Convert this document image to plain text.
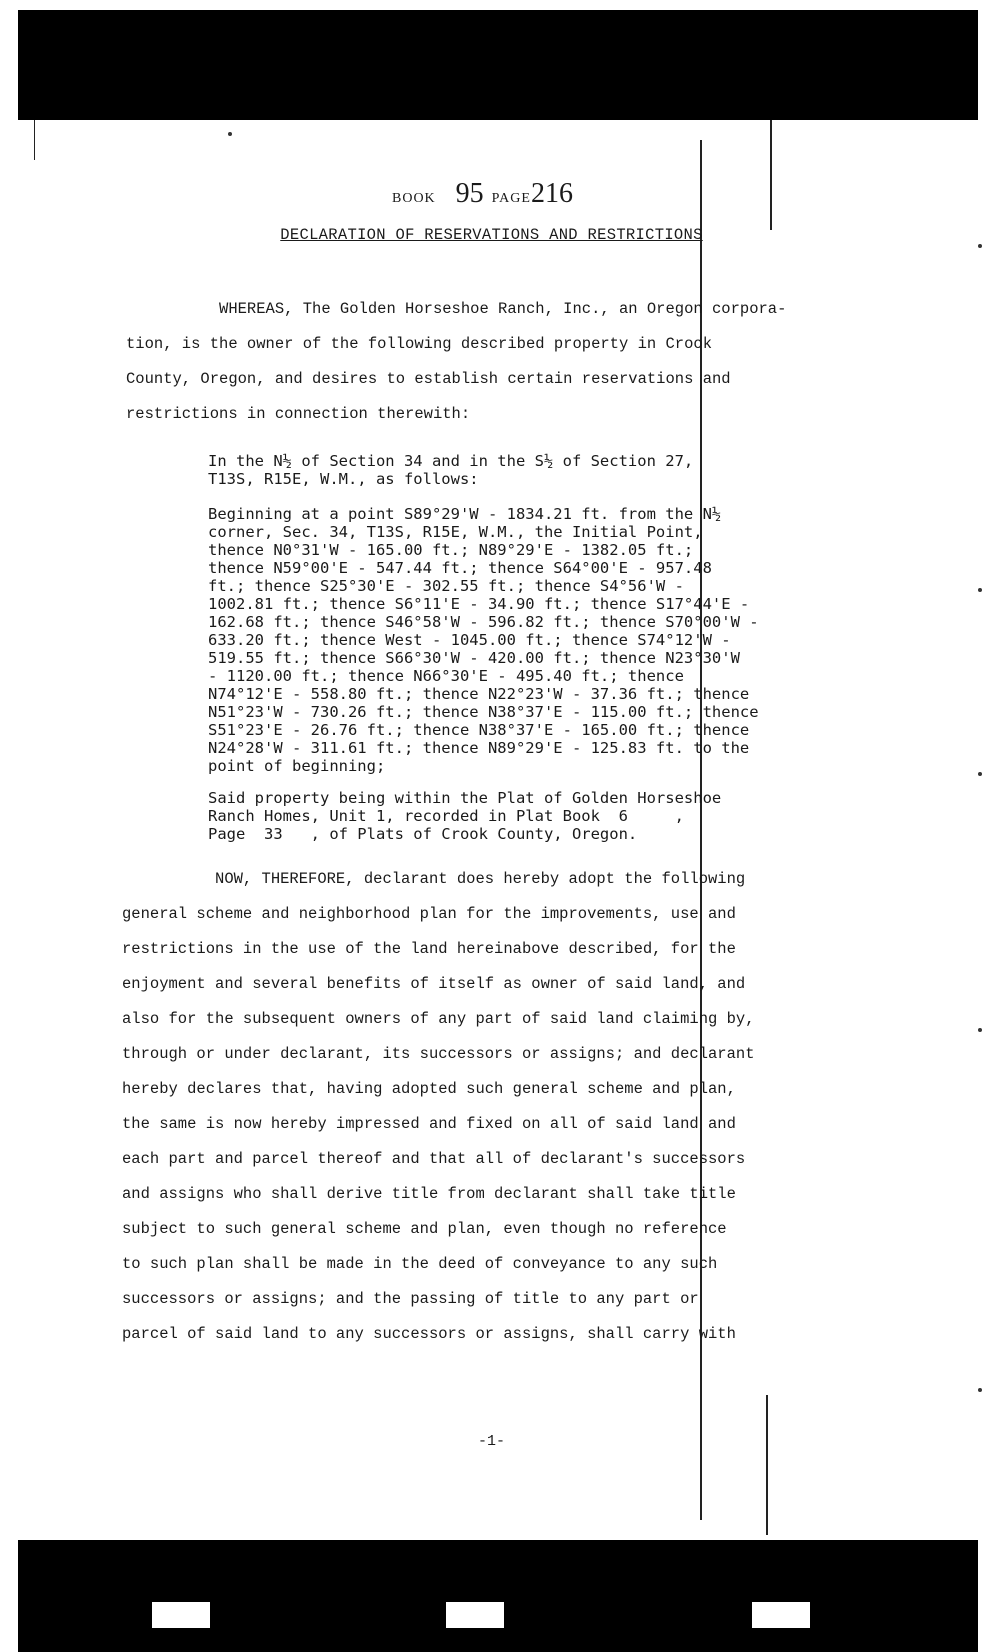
BOOK 95 PAGE216
DECLARATION OF RESERVATIONS AND RESTRICTIONS

WHEREAS, The Golden Horseshoe Ranch, Inc., an Oregon corpora-
tion, is the owner of the following described property in Crook
County, Oregon, and desires to establish certain reservations and
restrictions in connection therewith:

In the N½ of Section 34 and in the S½ of Section 27,
T13S, R15E, W.M., as follows:
Beginning at a point S89°29'W - 1834.21 ft. from the N½
corner, Sec. 34, T13S, R15E, W.M., the Initial Point,
thence N0°31'W - 165.00 ft.; N89°29'E - 1382.05 ft.;
thence N59°00'E - 547.44 ft.; thence S64°00'E - 957.48
ft.; thence S25°30'E - 302.55 ft.; thence S4°56'W -
1002.81 ft.; thence S6°11'E - 34.90 ft.; thence S17°44'E -
162.68 ft.; thence S46°58'W - 596.82 ft.; thence S70°00'W -
633.20 ft.; thence West - 1045.00 ft.; thence S74°12'W -
519.55 ft.; thence S66°30'W - 420.00 ft.; thence N23°30'W
- 1120.00 ft.; thence N66°30'E - 495.40 ft.; thence
N74°12'E - 558.80 ft.; thence N22°23'W - 37.36 ft.; thence
N51°23'W - 730.26 ft.; thence N38°37'E - 115.00 ft.; thence
S51°23'E - 26.76 ft.; thence N38°37'E - 165.00 ft.; thence
N24°28'W - 311.61 ft.; thence N89°29'E - 125.83 ft. to the
point of beginning;
Said property being within the Plat of Golden Horseshoe
Ranch Homes, Unit 1, recorded in Plat Book  6     ,
Page  33   , of Plats of Crook County, Oregon.

NOW, THEREFORE, declarant does hereby adopt the following
general scheme and neighborhood plan for the improvements, use and
restrictions in the use of the land hereinabove described, for the
enjoyment and several benefits of itself as owner of said land, and
also for the subsequent owners of any part of said land claiming by,
through or under declarant, its successors or assigns; and declarant
hereby declares that, having adopted such general scheme and plan,
the same is now hereby impressed and fixed on all of said land and
each part and parcel thereof and that all of declarant's successors
and assigns who shall derive title from declarant shall take title
subject to such general scheme and plan, even though no reference
to such plan shall be made in the deed of conveyance to any such
successors or assigns; and the passing of title to any part or
parcel of said land to any successors or assigns, shall carry with

-1-
